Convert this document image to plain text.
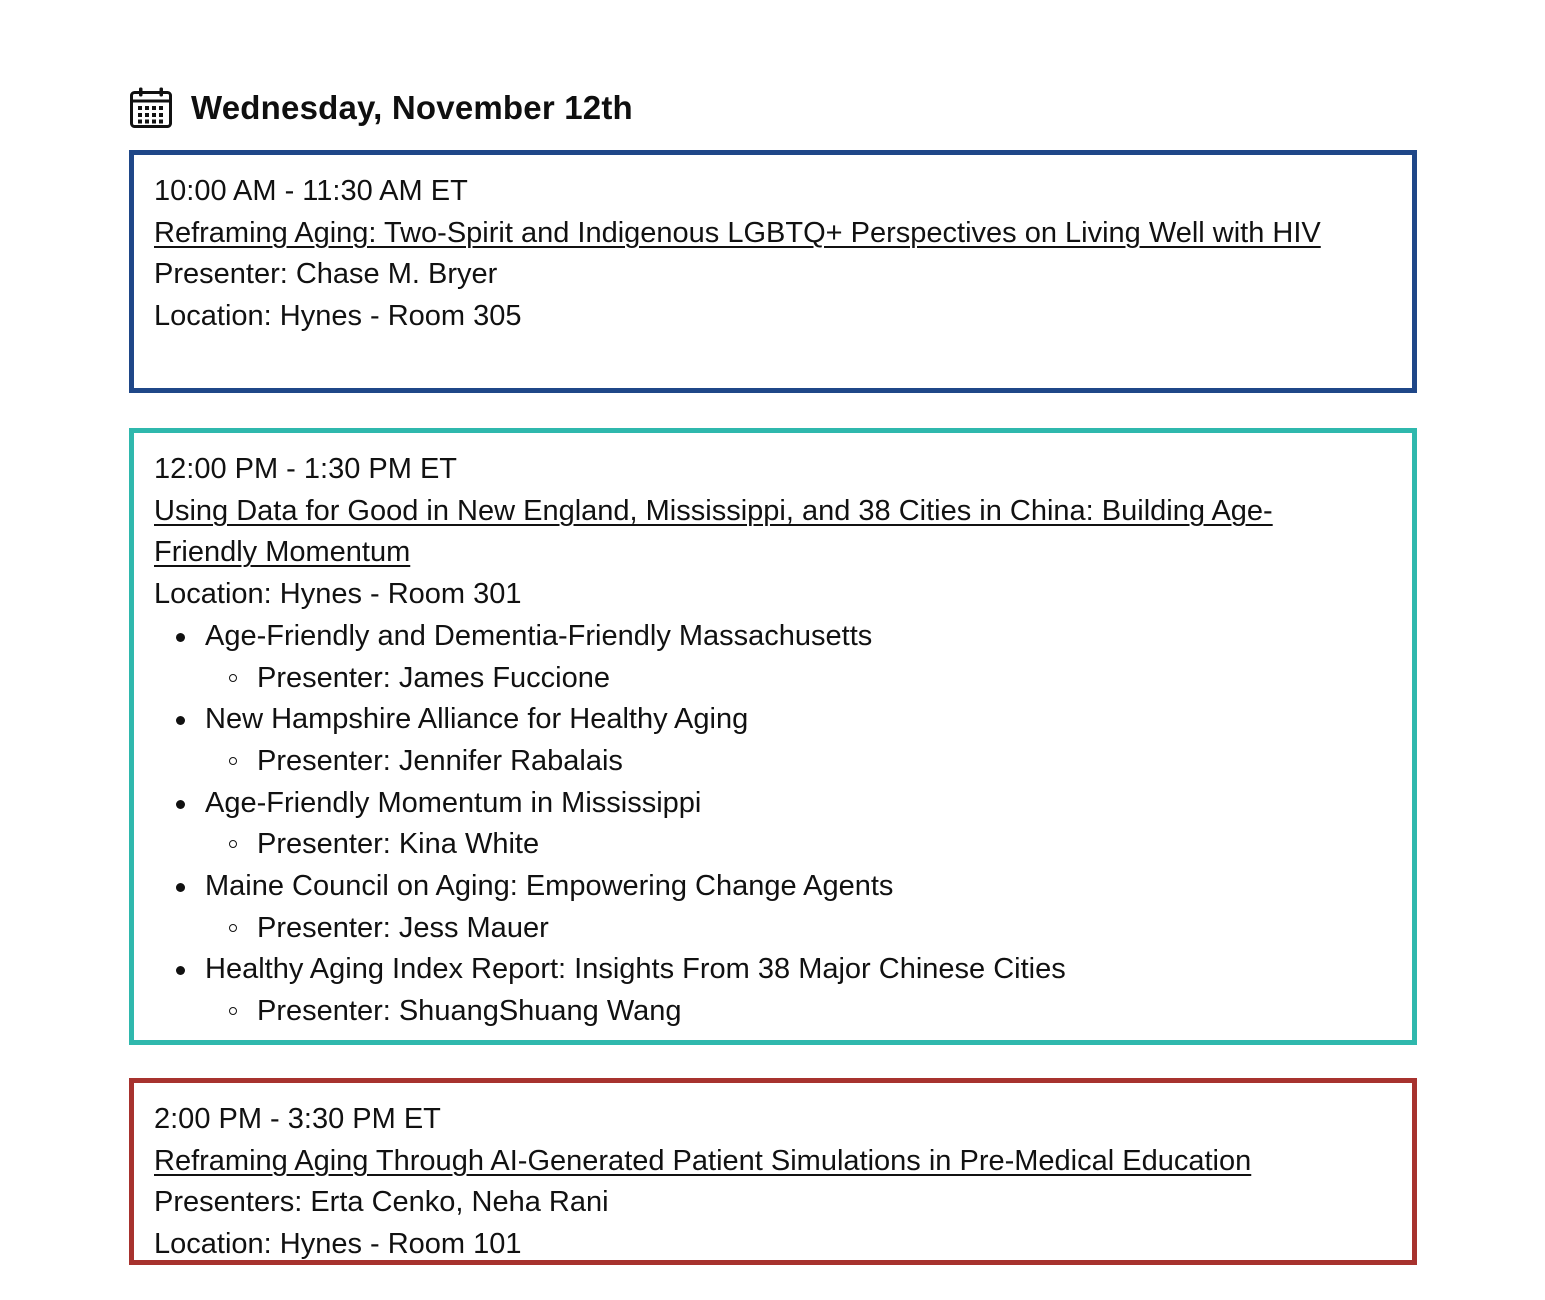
Wednesday, November 12th
10:00 AM - 11:30 AM ET
Reframing Aging: Two-Spirit and Indigenous LGBTQ+ Perspectives on Living Well with HIV
Presenter: Chase M. Bryer
Location: Hynes - Room 305
12:00 PM - 1:30 PM ET
Using Data for Good in New England, Mississippi, and 38 Cities in China: Building Age-Friendly Momentum
Location: Hynes - Room 301
Age-Friendly and Dementia-Friendly Massachusetts
Presenter: James Fuccione
New Hampshire Alliance for Healthy Aging
Presenter: Jennifer Rabalais
Age-Friendly Momentum in Mississippi
Presenter: Kina White
Maine Council on Aging: Empowering Change Agents
Presenter: Jess Mauer
Healthy Aging Index Report: Insights From 38 Major Chinese Cities
Presenter: ShuangShuang Wang
2:00 PM - 3:30 PM ET
Reframing Aging Through AI-Generated Patient Simulations in Pre-Medical Education
Presenters: Erta Cenko, Neha Rani
Location: Hynes - Room 101
